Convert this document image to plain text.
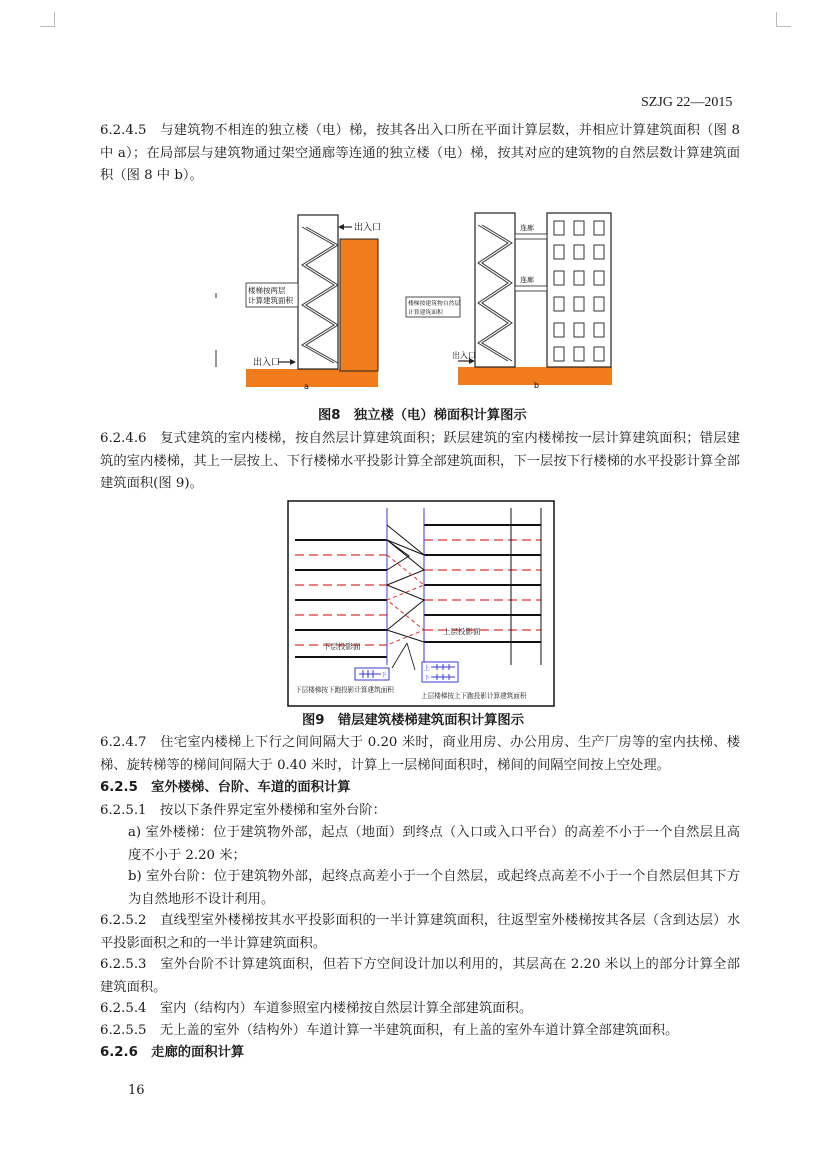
SZJG 22—2015

6.2.4.5　与建筑物不相连的独立楼（电）梯，按其各出入口所在平面计算层数，并相应计算建筑面积（图 8 中 a）；在局部层与建筑物通过架空通廊等连通的独立楼（电）梯，按其对应的建筑物的自然层数计算建筑面积（图 8 中 b）。

出入口
出入口
楼梯按两层
计算建筑面积
a
连廊
连廊
出入口
楼梯按建筑物自然层
计算建筑面积
b
图8　独立楼（电）梯面积计算图示

6.2.4.6　复式建筑的室内楼梯，按自然层计算建筑面积；跃层建筑的室内楼梯按一层计算建筑面积；错层建筑的室内楼梯，其上一层按上、下行楼梯水平投影计算全部建筑面积，下一层按下行楼梯的水平投影计算全部建筑面积(图 9)。

上层投影面
下层投影面
下
上
下
下层楼梯按下跑投影计算建筑面积
上层楼梯按上下跑投影计算建筑面积
图9　错层建筑楼梯建筑面积计算图示

6.2.4.7　住宅室内楼梯上下行之间间隔大于 0.20 米时，商业用房、办公用房、生产厂房等的室内扶梯、楼梯、旋转梯等的梯间间隔大于 0.40 米时，计算上一层梯间面积时，梯间的间隔空间按上空处理。

6.2.5　室外楼梯、台阶、车道的面积计算

6.2.5.1　按以下条件界定室外楼梯和室外台阶：

a) 室外楼梯：位于建筑物外部，起点（地面）到终点（入口或入口平台）的高差不小于一个自然层且高度不小于 2.20 米；

b) 室外台阶：位于建筑物外部，起终点高差小于一个自然层，或起终点高差不小于一个自然层但其下方为自然地形不设计利用。

6.2.5.2　直线型室外楼梯按其水平投影面积的一半计算建筑面积，往返型室外楼梯按其各层（含到达层）水平投影面积之和的一半计算建筑面积。

6.2.5.3　室外台阶不计算建筑面积，但若下方空间设计加以利用的，其层高在 2.20 米以上的部分计算全部建筑面积。

6.2.5.4　室内（结构内）车道参照室内楼梯按自然层计算全部建筑面积。

6.2.5.5　无上盖的室外（结构外）车道计算一半建筑面积，有上盖的室外车道计算全部建筑面积。

6.2.6　走廊的面积计算

16
